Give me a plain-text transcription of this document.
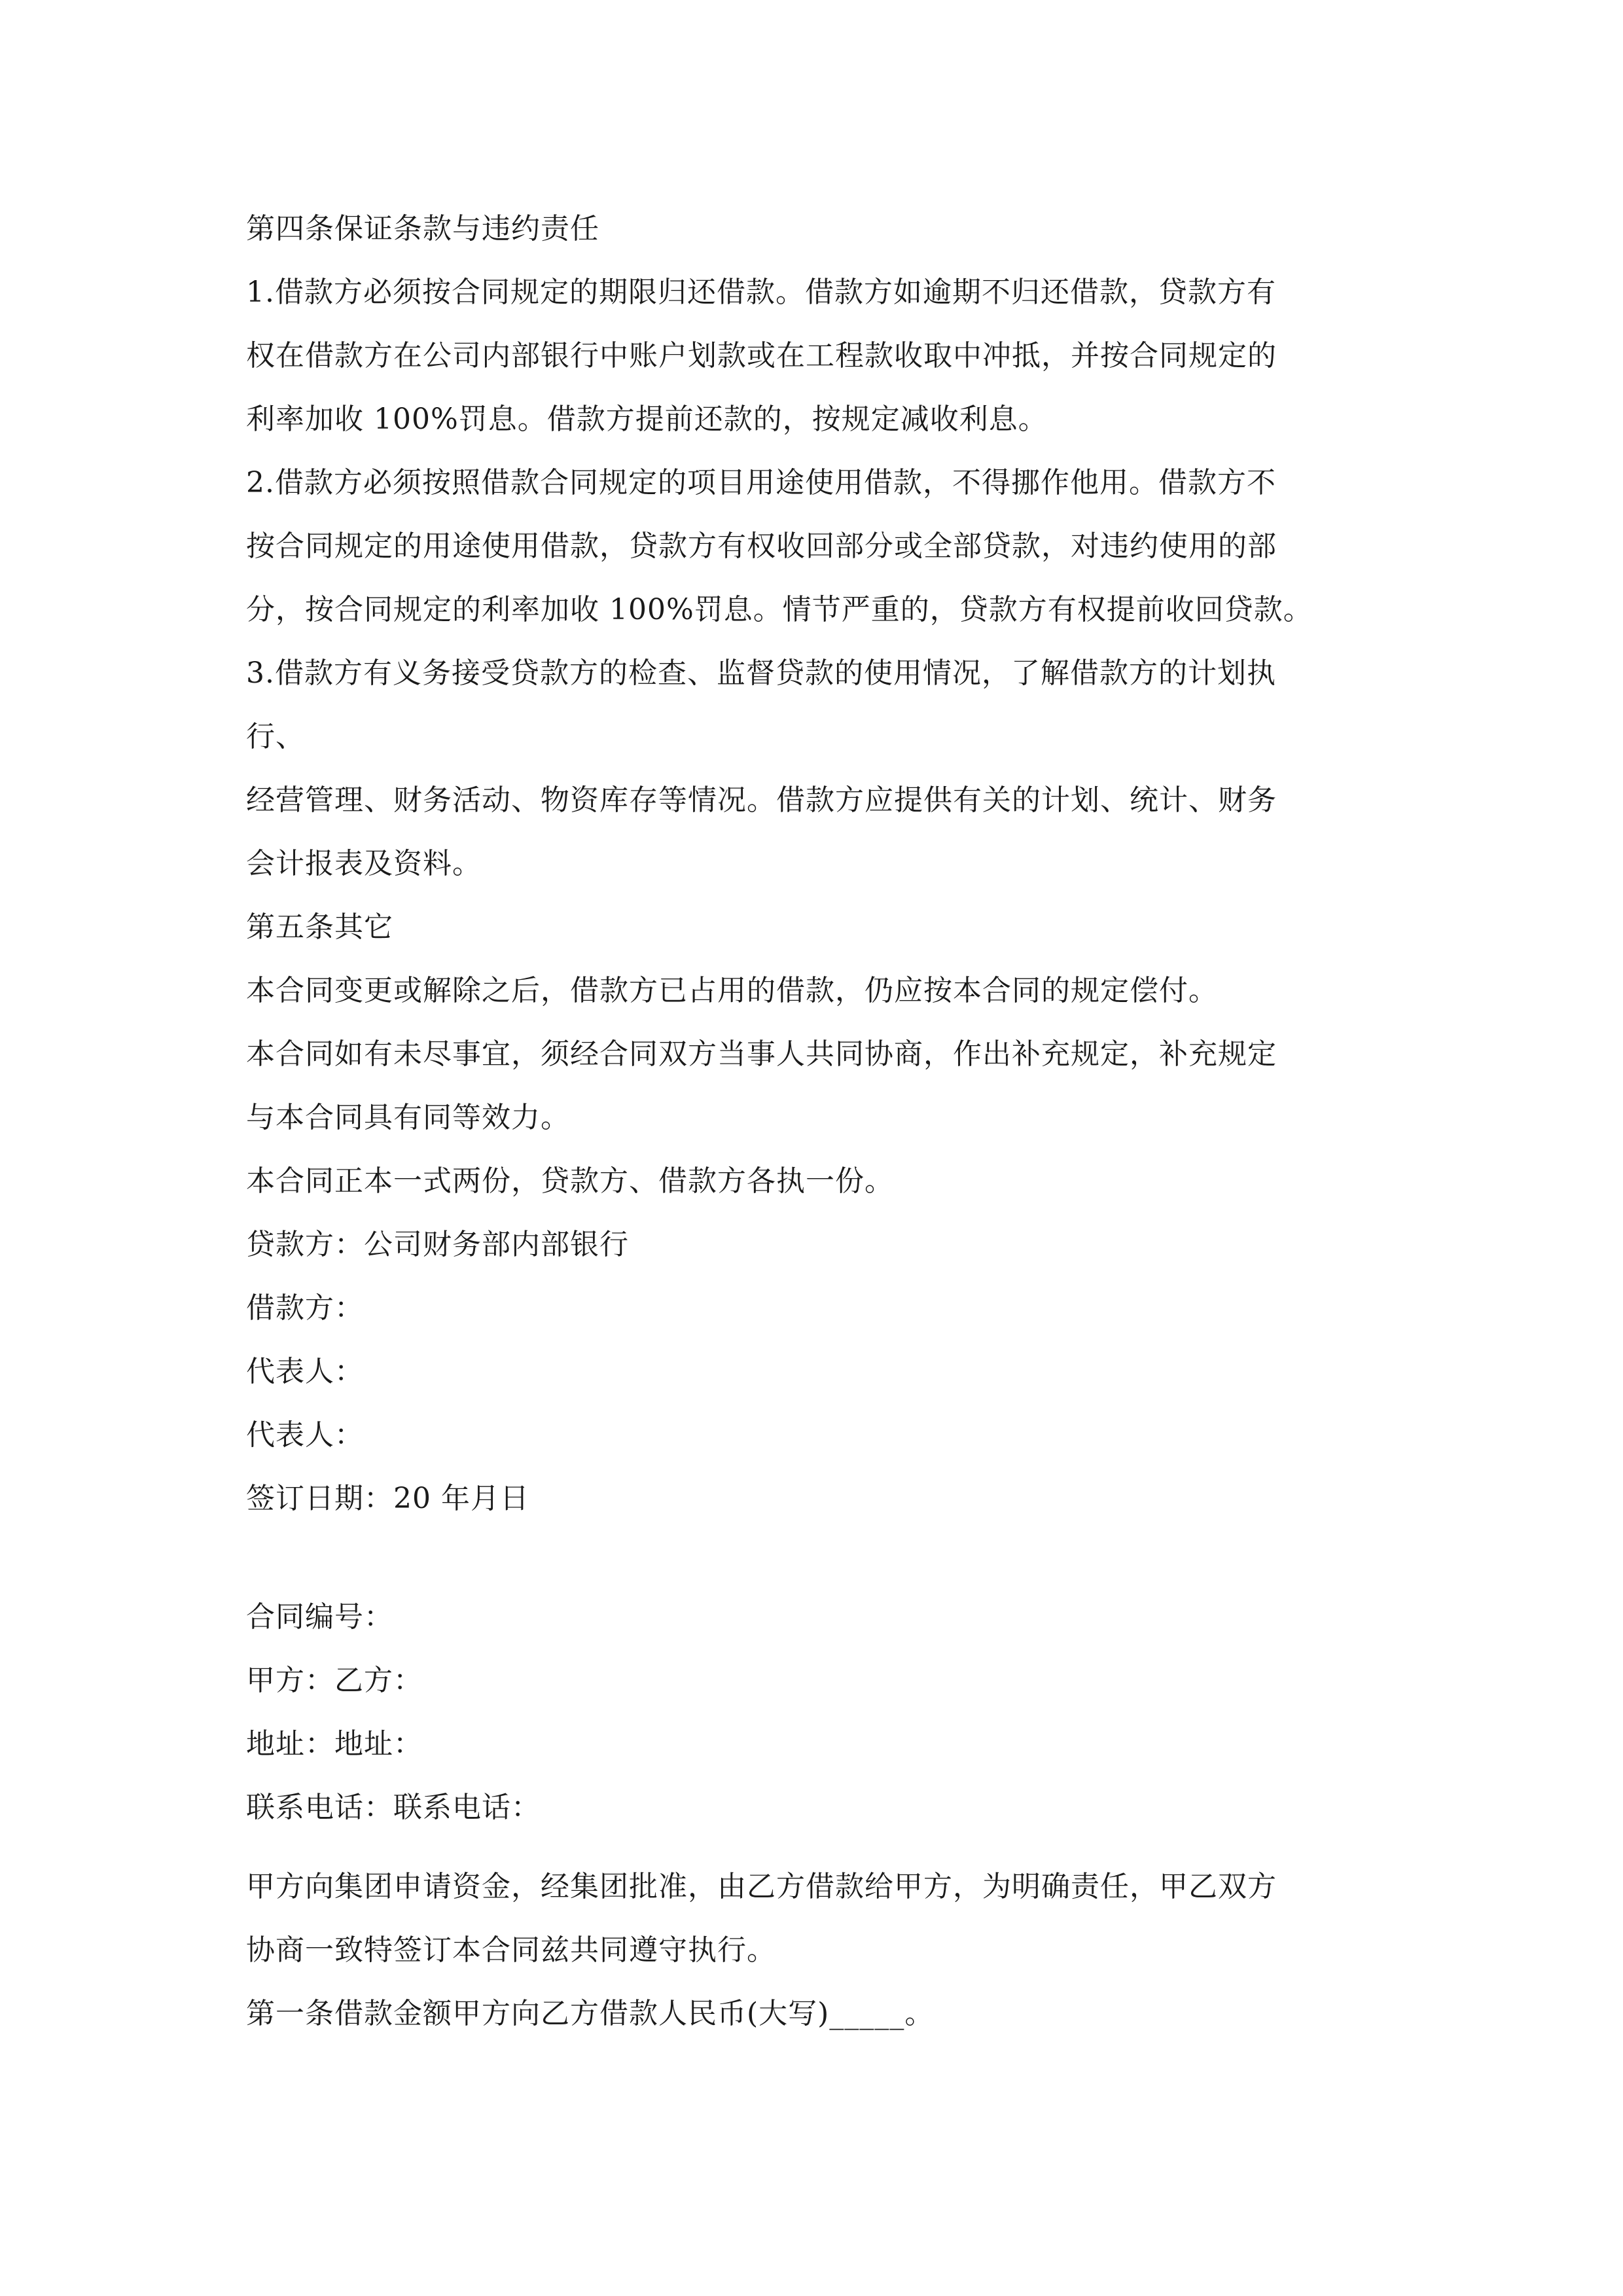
第四条保证条款与违约责任
1.借款方必须按合同规定的期限归还借款。借款方如逾期不归还借款，贷款方有
权在借款方在公司内部银行中账户划款或在工程款收取中冲抵，并按合同规定的
利率加收 100%罚息。借款方提前还款的，按规定减收利息。
2.借款方必须按照借款合同规定的项目用途使用借款，不得挪作他用。借款方不
按合同规定的用途使用借款，贷款方有权收回部分或全部贷款，对违约使用的部
分，按合同规定的利率加收 100%罚息。情节严重的，贷款方有权提前收回贷款。
3.借款方有义务接受贷款方的检查、监督贷款的使用情况，了解借款方的计划执
行、
经营管理、财务活动、物资库存等情况。借款方应提供有关的计划、统计、财务
会计报表及资料。
第五条其它
本合同变更或解除之后，借款方已占用的借款，仍应按本合同的规定偿付。
本合同如有未尽事宜，须经合同双方当事人共同协商，作出补充规定，补充规定
与本合同具有同等效力。
本合同正本一式两份，贷款方、借款方各执一份。
贷款方：公司财务部内部银行
借款方：
代表人：
代表人：
签订日期：20 年月日
合同编号：
甲方：乙方：
地址：地址：
联系电话：联系电话：
甲方向集团申请资金，经集团批准，由乙方借款给甲方，为明确责任，甲乙双方
协商一致特签订本合同兹共同遵守执行。
第一条借款金额甲方向乙方借款人民币(大写)_____。
